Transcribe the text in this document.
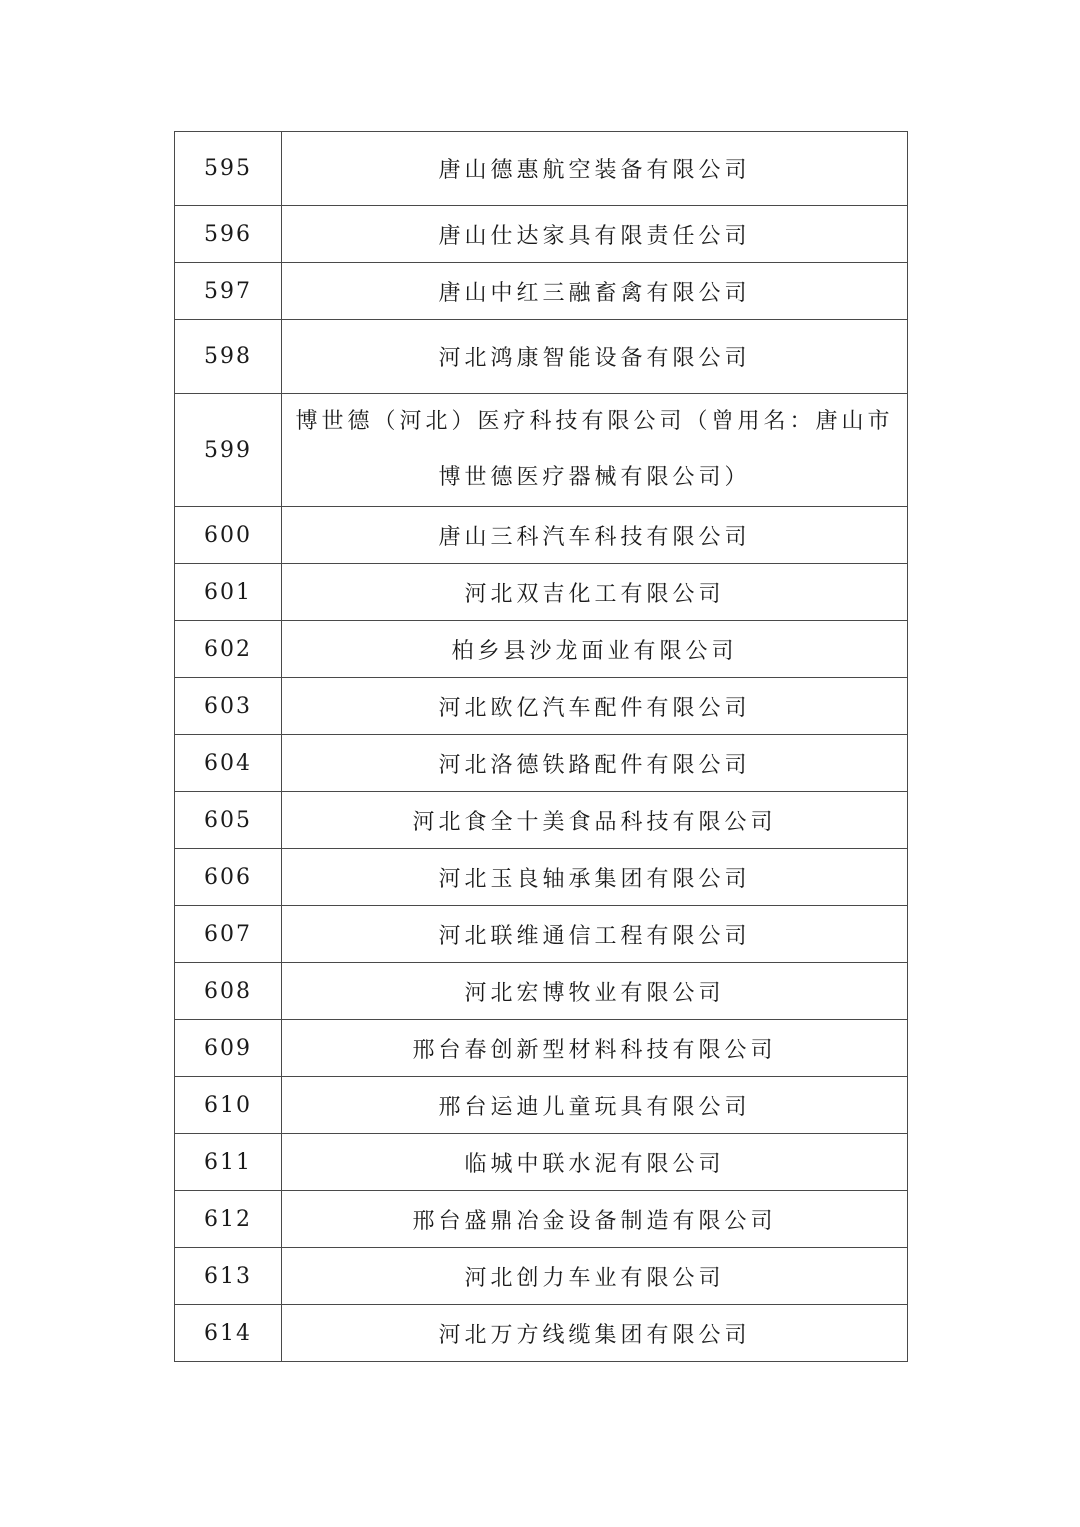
595	唐山德惠航空装备有限公司
596	唐山仕达家具有限责任公司
597	唐山中红三融畜禽有限公司
598	河北鸿康智能设备有限公司
599	博世德（河北）医疗科技有限公司（曾用名：唐山市博世德医疗器械有限公司）
600	唐山三科汽车科技有限公司
601	河北双吉化工有限公司
602	柏乡县沙龙面业有限公司
603	河北欧亿汽车配件有限公司
604	河北洛德铁路配件有限公司
605	河北食全十美食品科技有限公司
606	河北玉良轴承集团有限公司
607	河北联维通信工程有限公司
608	河北宏博牧业有限公司
609	邢台春创新型材料科技有限公司
610	邢台运迪儿童玩具有限公司
611	临城中联水泥有限公司
612	邢台盛鼎冶金设备制造有限公司
613	河北创力车业有限公司
614	河北万方线缆集团有限公司
